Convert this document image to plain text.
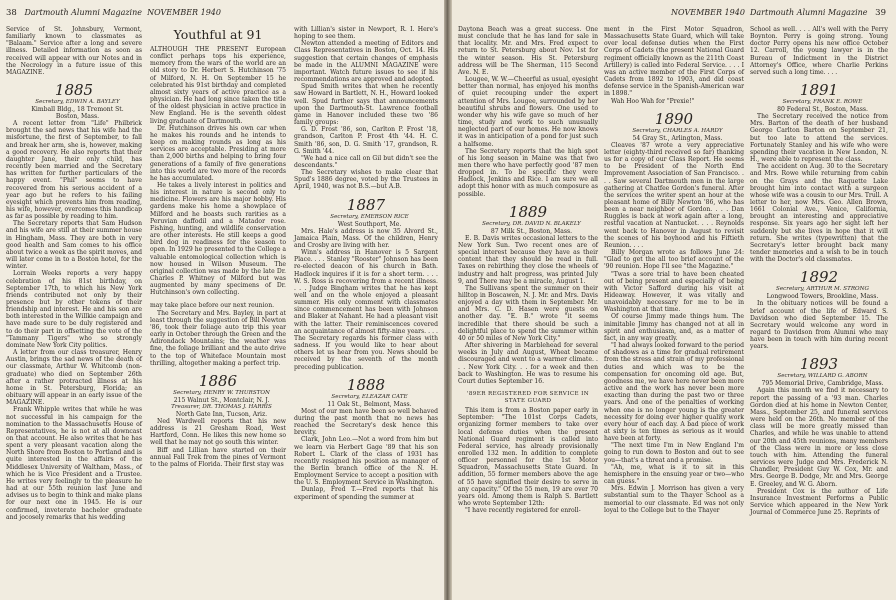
38 Dartmouth Alumni Magazine NOVEMBER 1940

Service of St. Johnsbury, Vermont, familiarly known to classmates as "Balaam." Service after a long and severe illness. Detailed information as soon as received will appear with our Notes and in the Necrology in a future issue of this MAGAZINE.

1885

Secretary, EDWIN A. BAYLEY

Kimball Bldg., 18 Tremont St.

Boston, Mass.

A recent letter from "Life" Philbrick brought the sad news that his wife had the misfortune, the first of September, to fall and break her arm, she is, however, making a good recovery. He also reports that their daughter Jane, their only child, has recently been married and the Secretary has written for further particulars of the happy event. "Phil" seems to have recovered from his serious accident of a year ago but he refers to his failing eyesight which prevents him from reading, his wife, however, overcomes this handicap as far as possible by reading to him.

The Secretary reports that Sam Hudson and his wife are still at their summer house in Hingham, Mass. They are both in very good health and Sam comes to his office about twice a week as the spirit moves, and will later come in to a Boston hotel, for the winter.

Lorrain Weeks reports a very happy celebration of his 81st birthday, on September 17th, to which his New York friends contributed not only by their presence but by other tokens of their friendship and interest. He and his son are both interested in the Willkie campaign and have made sure to be duly registered and to do their part in offsetting the vote of the "Tammany Tigers" who so strongly dominate New York City politics.

A letter from our class treasurer, Henry Austin, brings the sad news of the death of our classmate, Arthur W. Whitcomb (non-graduate) who died on September 26th after a rather protracted illness at his home in St. Petersburg, Florida; an obituary will appear in an early issue of the MAGAZINE.

Frank Whipple writes that while he was not successful in his campaign for the nomination to the Massachusetts House of Representatives, he is not at all downcast on that account. He also writes that he has spent a very pleasant vacation along the North Shore from Boston to Portland and is quite interested in the affairs of the Middlesex University of Waltham, Mass., of which he is Vice President and a Trustee. He writes very feelingly to the pleasure he had at our 55th reunion last June and advises us to begin to think and make plans for our next one in 1945. He is our confirmed, inveterate bachelor graduate and jocosely remarks that his wedding

Youthful at 91

ALTHOUGH THE PRESENT European conflict perhaps tops his experience, memory from the wars of the world are an old story to Dr. Herbert S. Hutchinson '75 of Milford, N. H. On September 15 he celebrated his 91st birthday and completed almost sixty years of active practice as a physician. He had long since taken the title of the oldest physician in active practice in New England. He is the seventh oldest living graduate of Dartmouth.

Dr. Hutchinson drives his own car when he makes his rounds and he intends to keep on making rounds as long as his services are acceptable. Presiding at more than 2,000 births and helping to bring four generations of a family of five generations into this world are two more of the records he has accumulated.

He takes a lively interest in politics and his interest in nature is second only to medicine. Flowers are his major hobby. His gardens make his home a showplace of Milford and he boasts such rarities as a Peruvian daffodil and a Matador rose. Fishing, hunting, and wildlife conservation are other interests. He still keeps a good bird dog in readiness for the season to open. In 1929 he presented to the College a valuable entomological collection which is now housed in Wilson Museum. The original collection was made by the late Dr. Charles P. Whitney of Milford but was augmented by many specimens of Dr. Hutchinson's own collecting.

may take place before our next reunion.

The Secretary and Mrs. Bayley, in part at least through the suggestion of Bill Newton '86, took their foliage auto trip this year early in October through the Green and the Adirondack Mountains; the weather was fine, the foliage brilliant and the auto drive to the top of Whiteface Mountain most thrilling, altogether making a perfect trip.

1886

Secretary, HENRY W. THURSTON

215 Walnut St., Montclair, N. J.

Treasurer, DR. THOMAS J. HARRIS

North Gate Inn, Tucson, Ariz.

Ned Wardwell reports that his new address is 21 Gresham Road, West Hartford, Conn. He likes this new home so well that he may not go south this winter.

Biff and Lillian have started on their annual Fall Trek from the pines of Vermont to the palms of Florida. Their first stay was

with Lillian's sister in Newport, R. I. Here's hoping to see them.

Newton attended a meeting of Editors and Class Representatives in Boston, Oct. 14. His suggestion that certain changes of emphasis be made in the ALUMNI MAGAZINE were important. Watch future issues to see if his recommendations are approved and adopted.

Spud Smith writes that when he recently saw Howard in Bartlett, N. H., Howard looked well. Spud further says that announcements upon the Dartmouth-St. Lawrence football game in Hanover included these two '86 family groups:

G. D. Frost '86, son, Carlton P. Frost '18, grandson, Carlton P. Frost 4th '44. H. C. Smith '86, son, D. G. Smith '17, grandson, R. G. Smith '44.

"We had a nice call on Gil but didn't see the descendants."

The Secretary wishes to make clear that Spud's 1886 degree, voted by the Trustees in April, 1940, was not B.S.—but A.B.

1887

Secretary, EMERSON RICE

West Southport, Me.

Mrs. Hale's address is now 35 Alvord St., Jamaica Plain, Mass. Of the children, Henry and Crosby are living with her.

Winn's address in Hanover is 5 Sargent Place. . . . Stanley "Rooster" Johnson has been re-elected deacon of his church in Bath. Hadlock inquires if it is for a short term. . . . W. S. Ross is recovering from a recent illness. . . . Judge Bingham writes that he has kept well and on the whole enjoyed a pleasant summer. His only comment with classmates since commencement has been with Johnson and Blaker at Nahant. He had a pleasant visit with the latter. Their reminiscences covered an acquaintance of almost fifty-nine years. . . . The Secretary regards his former class with sadness. If you would like to hear about others let us hear from you. News should be received by the seventh of the month preceding publication.

1888

Secretary, ELEAZAR CATE

11 Oak St., Belmont, Mass.

Most of our men have been so well behaved during the past month that no news has reached the Secretary's desk hence this brevity.

Clark, John Leo.—Not a word from him but we learn via Herbert Gage '89 that his son Robert L. Clark of the class of 1931 has recently resigned his position as manager of the Berlin branch office of the N. H. Employment Service to accept a position with the U. S. Employment Service in Washington.

Dunlap, Fred T.—Fred reports that his experiment of spending the summer at

NOVEMBER 1940 Dartmouth Alumni Magazine 39

Daytona Beach was a great success. One must conclude that he has land for sale in that locality. Mr. and Mrs. Fred expect to return to St. Petersburg about Nov. 1st for the winter season. His St. Petersburg address will be The Sherman, 115 Second Ave. N. E.

Lougee, W. W.—Cheerful as usual, eyesight better than normal, has enjoyed his months of quiet recouping under the expert attention of Mrs. Lougee, surrounded by her beautiful shrubs and flowers. One used to wonder why his wife gave so much of her time, study and work to such unusually neglected part of our homes. He now knows it was in anticipation of a pond for just such a halfsome.

The Secretary reports that the high spot of his long season in Maine was that two men there who have perfectly good '87 men dropped in. To be specific they were Hadlock, Jenkins and Rice. I am sure we all adopt this honor with as much composure as possible.

1889

Secretary, DR. DAVID N. BLAKELY

87 Milk St., Boston, Mass.

E. B. Davis writes occasional letters to the New York Sun. Two recent ones are of special interest because they have as their content that they should be read in full. Taxes on rebirthing they close the wheels of industry and halt progress, was printed July 9, and There may be a miracle, August 1.

The Sullivans spent the summer on their hilltop in Boscawen, N. J. Mr. and Mrs. Davis enjoyed a day with them in September. Mr. and Mrs. C. D. Hasen were guests on another day. "E. B." wrote "it seems incredible that there should be such a delightful place to spend the summer within 40 or 50 miles of New York City."

After shivering in Marblehead for several weeks in July and August, Wheat became discouraged and went to a warmer climate. . . . New York City. . . for a week and then back to Washington. He was to resume his Court duties September 16.

'89ER REGISTERED FOR SERVICE IN STATE GUARD

This item is from a Boston paper early in September: "The 101st Corps Cadets, organizing former members to take over local defense duties when the present National Guard regiment is called into Federal service, has already provisionally enrolled 132 men. In addition to complete officer personnel for the 1st Motor Squadron, Massachusetts State Guard. In addition, 55 former members above the age of 55 have signified their desire to serve in any capacity." Of the 55 men, 19 are over 70 years old. Among them is Ralph S. Bartlett who wrote September 12th:

"I have recently registered for enroll-

ment in the First Motor Squadron, Massachusetts State Guard, which will take over local defense duties when the First Corps of Cadets (the present National Guard regiment officially known as the 211th Coast Artillery) is called into Federal Service. . . . I was an active member of the First Corps of Cadets from 1892 to 1903, and did coast defense service in the Spanish-American war in 1898."

Wah Hoo Wah for "Prexie!"

1890

Secretary, CHARLES A. HARDY

54 Gray St., Arlington, Mass.

Cleaves '87 wrote a very appreciative letter (eighty-third received so far) thanking us for a copy of our Class Report. He seems to be President of the North End Improvement Association of San Francisco. . . . Saw several Dartmouth men in the large gathering at Chatfee Gordon's funeral. After the services the writer spent an hour at the pleasant home of Billy Newton '86, who has been a near neighbor of Gordon. . . . Dan Ruggles is back at work again after a long, restful vacation at Nantucket. . . . Reynolds went back to Hanover in August to revisit the scenes of his boyhood and his Fiftieth Reunion. . . .

Billy Morgan wrote as follows June 24: "Glad to get the all too brief account of the '90 reunion. Hope I'll see "the Magazine."

"Twas a sore trial to have been cheated out of being present and especially of being with Victor Safford during his visit at Hideaway. However, it was vitally and unavoidably necessary for me to be in Washington at that time.

Of course Jimmy made things hum. The inimitable Jimmy has changed not at all in spirit and enthusiasm, and, as a matter of fact, in any way greatly.

"I had always looked forward to the period of shadows as a time for gradual retirement from the stress and strain of my professional duties and which was to be the compensation for oncoming old age. But, goodness me, we have here never been more active and the work has never been more exacting than during the past two or three years. And one of the penalties of working when one is no longer young is the greater necessity for doing ever higher quality work every hour of each day. A bad piece of work at sixty is ten times as serious as it would have been at forty.

"The next time I'm in New England I'm going to run down to Boston and out to see you—that's a threat and a promise.

"Ah, me, what is it to sit in this hemisphere in the ensuing year or two—who can guess."

Mrs. Edwin J. Morrison has given a very substantial sum to the Thayer School as a memorial to our classmate. Ed was not only loyal to the College but to the Thayer

School as well. . . . All's well with the Perry Boynton. Perry is going strong. Young doctor Perry opens his new office October 12. Carroll, the young lawyer is in the Bureau of Indictment in the District Attorney's Office, where Charlie Perkins served such a long time. . . .

1891

Secretary, FRANK E. ROWE

80 Federal St., Boston, Mass.

The Secretary received the notice from Mrs. Barton of the death of her husband George Carlton Barton on September 21, but too late to attend the services. Fortunately Stanley and his wife who were spending their vacation in New London, N. H., were able to represent the class.

The accident on Aug. 30 to the Secretary and Mrs. Rowe while returning from cabin on the Grays and the Raquette Lake brought him into contact with a surgeon whose wife was a cousin to our Mrs. Trull. A letter to her, now Mrs. Geo. Allen Brown, 1661 Colonial Ave., Venice, California, brought an interesting and appreciative response. Six years ago her sight left her suddenly but she lives in hope that it will return. She writes (typewritten) that the Secretary's letter brought back many tender memories and a wish to be in touch with the Doctor's old classmates.

1892

Secretary, ARTHUR M. STRONG

Longwood Towers, Brookline, Mass.

In the obituary notices will be found a brief account of the life of Edward S. Davidson who died September 15. The Secretary would welcome any word in regard to Davidson from Alumni who may have been in touch with him during recent years.

1893

Secretary, WILLARD G. ABORN

795 Memorial Drive, Cambridge, Mass.

Again this month we find it necessary to report the passing of a '93 man. Charles Gordon died at his home in Newton Center, Mass., September 25, and funeral services were held on the 26th. No member of the class will be more greatly missed than Charles, and while he was unable to attend our 20th and 45th reunions, many members of the Class were in more or less close touch with him. Attending the funeral services were Judge and Mrs. Frederick N. Chandler, President Guy W. Cox, Mr. and Mrs. George B. Dodge, Mr. and Mrs. George E. Greeley, and W. G. Aborn.

President Cox is the author of Life Insurance Investment Performs a Public Service which appeared in the New York Journal of Commerce June 25. Reprints of
